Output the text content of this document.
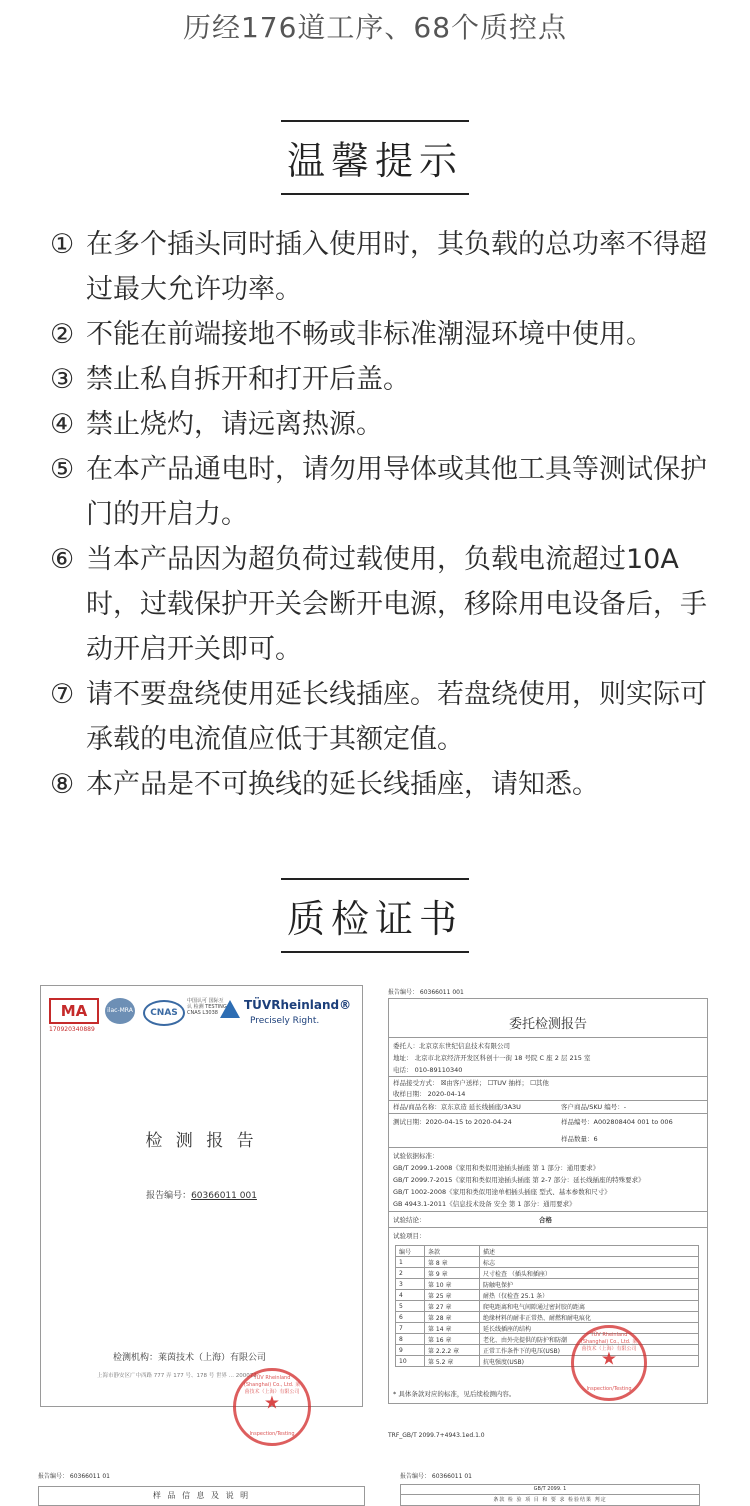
历经176道工序、68个质控点
温馨提示
① 在多个插头同时插入使用时，其负载的总功率不得超过最大允许功率。
② 不能在前端接地不畅或非标准潮湿环境中使用。
③ 禁止私自拆开和打开后盖。
④ 禁止烧灼，请远离热源。
⑤ 在本产品通电时，请勿用导体或其他工具等测试保护门的开启力。
⑥ 当本产品因为超负荷过载使用，负载电流超过10A时，过载保护开关会断开电源，移除用电设备后，手动开启开关即可。
⑦ 请不要盘绕使用延长线插座。若盘绕使用，则实际可承载的电流值应低于其额定值。
⑧ 本产品是不可换线的延长线插座，请知悉。
质检证书
MA
170920340889
ilac-MRA	CNAS
中国认可 国际互认 检测 TESTING CNAS L3038
TÜVRheinland®
Precisely Right.
检 测 报 告
报告编号：60366011 001
检测机构：莱茵技术（上海）有限公司
上海市静安区广中西路 777 弄 177 号、178 号 世界 ... 200072
TÜV Rheinland (Shanghai) Co., Ltd. 莱茵技术（上海）有限公司
★
Inspection/Testing
报告编号： 60366011 001
委托检测报告
委托人：北京京东世纪信息技术有限公司
地址： 北京市北京经济开发区科创十一街 18 号院 C 座 2 层 215 室
电话： 010-89110340
样品接受方式： ☒由客户送样； ☐TUV 抽样； ☐其他
收样日期： 2020-04-14
样品/商品名称：京东京造 延长线插座/3A3U	客户商品/SKU 编号：-
测试日期：2020-04-15 to 2020-04-24	样品编号：A002808404 001 to 006
样品数量：6
试验依据标准：
GB/T 2099.1-2008《家用和类似用途插头插座 第 1 部分：通用要求》
GB/T 2099.7-2015《家用和类似用途插头插座 第 2-7 部分：延长线插座的特殊要求》
GB/T 1002-2008《家用和类似用途单相插头插座 型式、基本参数和尺寸》
GB 4943.1-2011《信息技术设备 安全 第 1 部分：通用要求》
试验结论：	合格
试验项目：
编号	条款	描述
1	第 8 章	标志
2	第 9 章	尺寸检查 （插头和插座）
3	第 10 章	防触电保护
4	第 25 章	耐热（仅检查 25.1 条）
5	第 27 章	爬电距离和电气间隙通过密封胶的距离
6	第 28 章	绝缘材料的耐非正常热、耐燃和耐电痕化
7	第 14 章	延长线插座的结构
8	第 16 章	老化、由外壳提供的防护和防潮
9	第 2.2.2 章	正常工作条件下的电压(USB)
10	第 5.2 章	抗电强度(USB)
* 具体条款对应的标准，见后续检测内容。
TÜV Rheinland (Shanghai) Co., Ltd. 莱茵技术（上海）有限公司
★
Inspection/Testing
TRF_GB/T 2099.7+4943.1ed.1.0
报告编号： 60366011 01
样 品 信 息 及 说 明
报告编号： 60366011 01
GB/T 2099. 1
条款 检 验 项 目 和 要 求 检验结果 判定
